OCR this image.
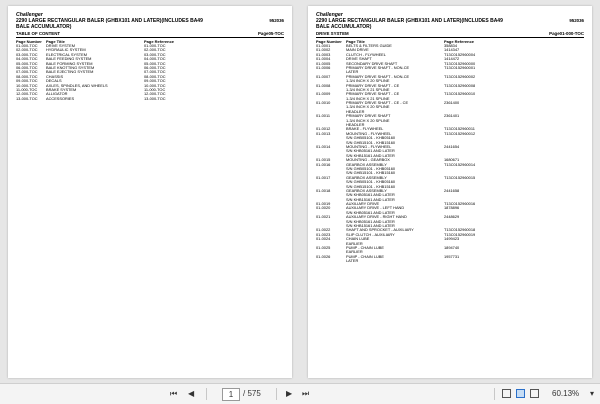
Challenger
2290 LARGE RECTANGULAR BALER (GHBX101 AND LATER)(INCLUDES BA49 BALE ACCUMULATOR)
952036
TABLE OF CONTENT	Page05-TOC
Page Number Page Title	Page Reference
01-000-TOC DRIVE SYSTEM	01-000-TOC
02-000-TOC HYDRAULIC SYSTEM	02-000-TOC
03-000-TOC ELECTRICAL SYSTEM	03-000-TOC
04-000-TOC BALE FEEDING SYSTEM	04-000-TOC
05-000-TOC BALE FORMING SYSTEM	05-000-TOC
06-000-TOC BALE KNOTTING SYSTEM	06-000-TOC
07-000-TOC BALE EJECTING SYSTEM	07-000-TOC
08-000-TOC CHASSIS	08-000-TOC
09-000-TOC DECALS	09-000-TOC
10-000-TOC AXLES, SPINDLES, AND WHEELS	10-000-TOC
11-000-TOC BRAKE SYSTEM	11-000-TOC
12-000-TOC ALLIGATOR	12-000-TOC
13-000-TOC ACCESSORIES	13-000-TOC
Challenger
2290 LARGE RECTANGULAR BALER (GHBX101 AND LATER)(INCLUDES BA49 BALE ACCUMULATOR)
952036
DRIVE SYSTEM	Page01-000-TOC
Page Number Page Title	Page Reference
01-0001	BELTS & FILTERS GUIDE	358834
01-0002	MAIN DRIVE	1414347
01-0003	CLUTCH - FLYWHEEL	T13C0152960004
01-0004	DRIVE SHAFT	1414472
01-0005	SECONDARY DRIVE SHAFT	T13C0152960000
01-0006	PRIMARY DRIVE SHAFT - NON-CE	T13C0152960001
LATER
01-0007	PRIMARY DRIVE SHAFT - NON-CE	T13C0152960002
1-3/4 INCH X 20 SPLINE
01-0008	PRIMARY DRIVE SHAFT - CE	T13C0152960008
1-3/4 INCH X 21 SPLINE
01-0009	PRIMARY DRIVE SHAFT - CE	T13C0152960010
1-3/4 INCH X 21 SPLINE
01-0010	PRIMARY DRIVE SHAFT - CE - CE	2361400
1-3/4 INCH X 20 SPLINE
HEADLER
01-0011	PRIMARY DRIVE SHAFT	2361401
1-3/4 INCH X 20 SPLINE
HEADLER
01-0012	BRAKE - FLYWHEEL	T13C0152960011
01-0013	MOUNTING - FLYWHEEL	T13C0152960012
S/N GHB05101 - KHB05160
S/N GHB15101 - KHB15160
01-0014	MOUNTING - FLYWHEEL	2441654
S/N KHB05161 AND LATER
S/N KHB15161 AND LATER
01-0015	MOUNTING - GEARBOX	1680671
01-0016	GEARBOX ASSEMBLY	T13C0152960014
S/N GHB05101 - KHB05160
S/N GHB15101 - KHB15160
01-0017	GEARBOX ASSEMBLY	T13C0152960015
S/N GHB05101 - KHB05160
S/N GHB15101 - KHB15160
01-0018	GEARBOX ASSEMBLY	2441658
S/N KHB05161 AND LATER
S/N KHB15161 AND LATER
01-0019	AUXILIARY DRIVE	T13C0152960016
01-0020	AUXILIARY DRIVE - LEFT HAND	1878896
S/N KHB05161 AND LATER
01-0021	AUXILIARY DRIVE - RIGHT HAND	2448629
S/N KHB05161 AND LATER
S/N KHB15161 AND LATER
01-0022	SHAFT AND SPROCKET - AUXILIARY	T13C0152960018
01-0023	SLIP CLUTCH - AUXILIARY	T13C0152960019
01-0024	CHAIN LUBE	1499423
EARLIER
01-0025	PUMP - CHAIN LUBE	1894740
EARLIER
01-0026	PUMP - CHAIN LUBE	1957731
LATER
⏮ ◀	1	/ 575	▶ ⏭	60.13% ▾
